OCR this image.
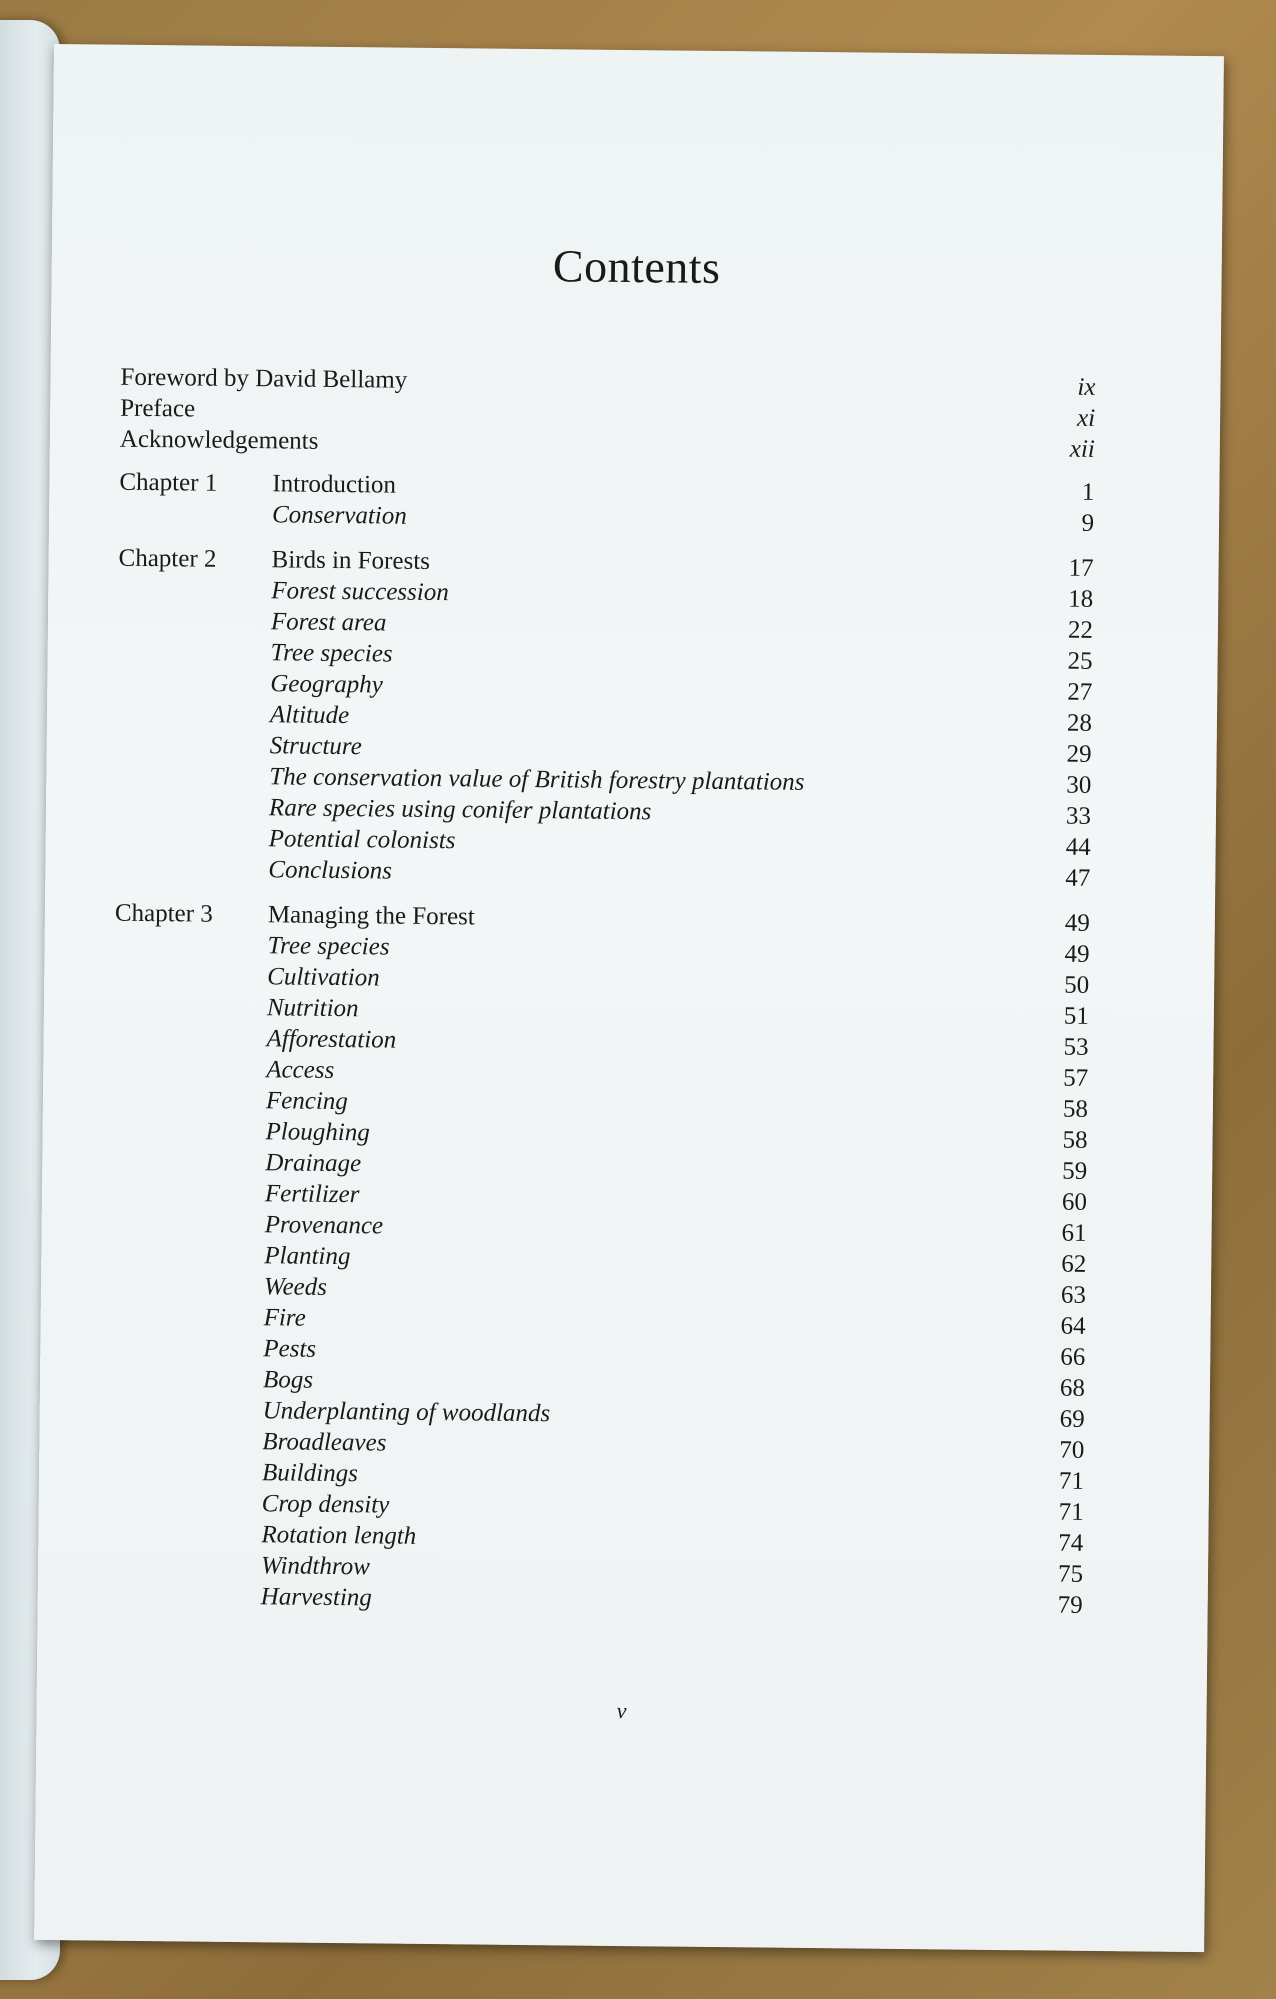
Contents
Foreword by David Bellamy	ix
Preface	xi
Acknowledgements	xii
Chapter 1 Introduction	1
Conservation	9
Chapter 2 Birds in Forests	17
Forest succession	18
Forest area	22
Tree species	25
Geography	27
Altitude	28
Structure	29
The conservation value of British forestry plantations	30
Rare species using conifer plantations	33
Potential colonists	44
Conclusions	47
Chapter 3 Managing the Forest	49
Tree species	49
Cultivation	50
Nutrition	51
Afforestation	53
Access	57
Fencing	58
Ploughing	58
Drainage	59
Fertilizer	60
Provenance	61
Planting	62
Weeds	63
Fire	64
Pests	66
Bogs	68
Underplanting of woodlands	69
Broadleaves	70
Buildings	71
Crop density	71
Rotation length	74
Windthrow	75
Harvesting	79
v
